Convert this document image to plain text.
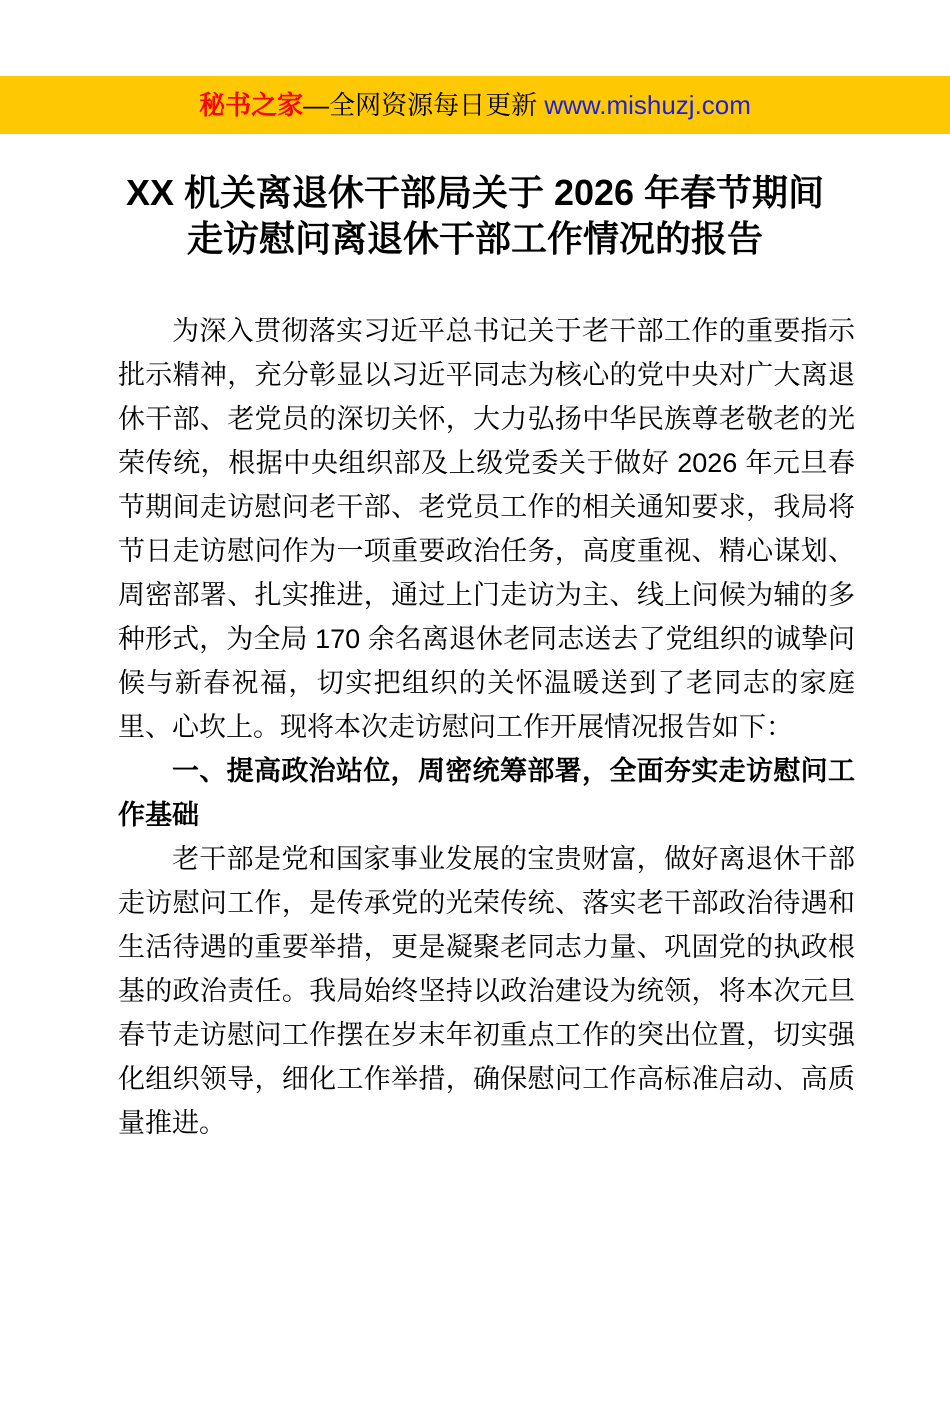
秘书之家—全网资源每日更新 www.mishuzj.com
XX 机关离退休干部局关于 2026 年春节期间
走访慰问离退休干部工作情况的报告

为深入贯彻落实习近平总书记关于老干部工作的重要指示批示精神，充分彰显以习近平同志为核心的党中央对广大离退休干部、老党员的深切关怀，大力弘扬中华民族尊老敬老的光荣传统，根据中央组织部及上级党委关于做好 2026 年元旦春节期间走访慰问老干部、老党员工作的相关通知要求，我局将节日走访慰问作为一项重要政治任务，高度重视、精心谋划、周密部署、扎实推进，通过上门走访为主、线上问候为辅的多种形式，为全局 170 余名离退休老同志送去了党组织的诚挚问候与新春祝福，切实把组织的关怀温暖送到了老同志的家庭里、心坎上。现将本次走访慰问工作开展情况报告如下：

一、提高政治站位，周密统筹部署，全面夯实走访慰问工作基础

老干部是党和国家事业发展的宝贵财富，做好离退休干部走访慰问工作，是传承党的光荣传统、落实老干部政治待遇和生活待遇的重要举措，更是凝聚老同志力量、巩固党的执政根基的政治责任。我局始终坚持以政治建设为统领，将本次元旦春节走访慰问工作摆在岁末年初重点工作的突出位置，切实强化组织领导，细化工作举措，确保慰问工作高标准启动、高质量推进。
